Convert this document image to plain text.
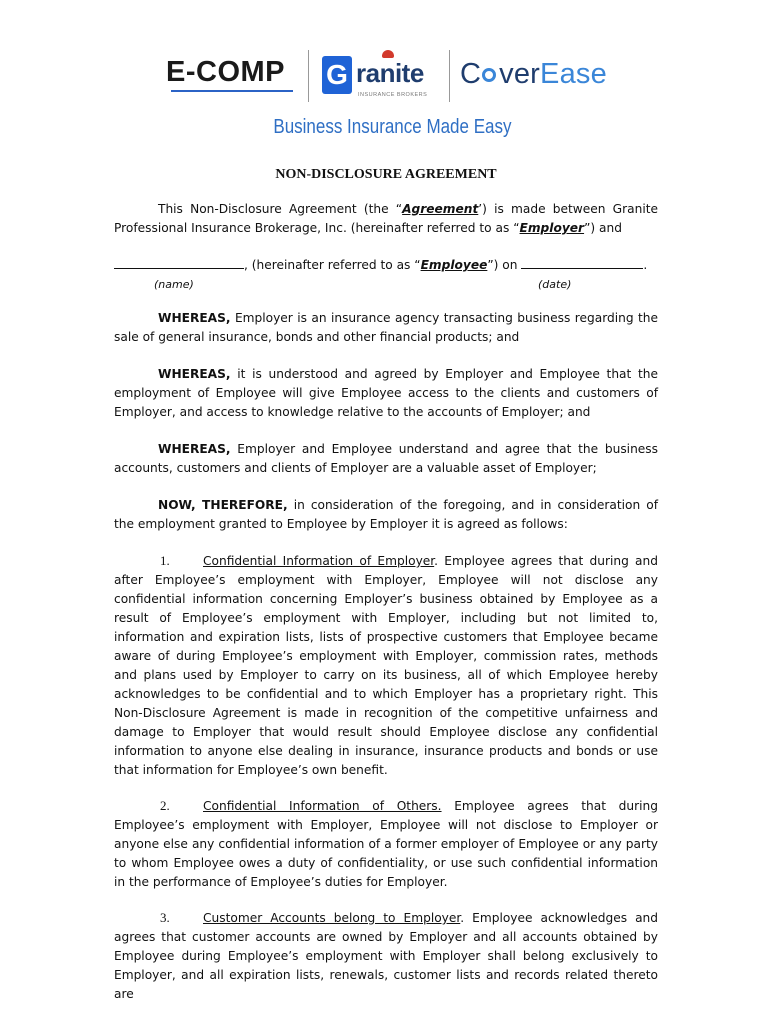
E-COMP G ranite
INSURANCE BROKERS
C verEase
Business Insurance Made Easy
NON-DISCLOSURE AGREEMENT
This Non-Disclosure Agreement (the “Agreement’) is made between Granite Professional Insurance Brokerage, Inc. (hereinafter referred to as “Employer”) and
, (hereinafter referred to as “Employee”) on	.
(name)	(date)
WHEREAS, Employer is an insurance agency transacting business regarding the sale of general insurance, bonds and other financial products; and
WHEREAS, it is understood and agreed by Employer and Employee that the employment of Employee will give Employee access to the clients and customers of Employer, and access to knowledge relative to the accounts of Employer; and
WHEREAS, Employer and Employee understand and agree that the business accounts, customers and clients of Employer are a valuable asset of Employer;
NOW, THEREFORE, in consideration of the foregoing, and in consideration of the employment granted to Employee by Employer it is agreed as follows:
1.	Confidential Information of Employer. Employee agrees that during and after Employee’s employment with Employer, Employee will not disclose any confidential information concerning Employer’s business obtained by Employee as a result of Employee’s employment with Employer, including but not limited to, information and expiration lists, lists of prospective customers that Employee became aware of during Employee’s employment with Employer, commission rates, methods and plans used by Employer to carry on its business, all of which Employee hereby acknowledges to be confidential and to which Employer has a proprietary right. This Non-Disclosure Agreement is made in recognition of the competitive unfairness and damage to Employer that would result should Employee disclose any confidential information to anyone else dealing in insurance, insurance products and bonds or use that information for Employee’s own benefit.
2.	Confidential Information of Others. Employee agrees that during Employee’s employment with Employer, Employee will not disclose to Employer or anyone else any confidential information of a former employer of Employee or any party to whom Employee owes a duty of confidentiality, or use such confidential information in the performance of Employee’s duties for Employer.
3.	Customer Accounts belong to Employer. Employee acknowledges and agrees that customer accounts are owned by Employer and all accounts obtained by Employee during Employee’s employment with Employer shall belong exclusively to Employer, and all expiration lists, renewals, customer lists and records related thereto are
